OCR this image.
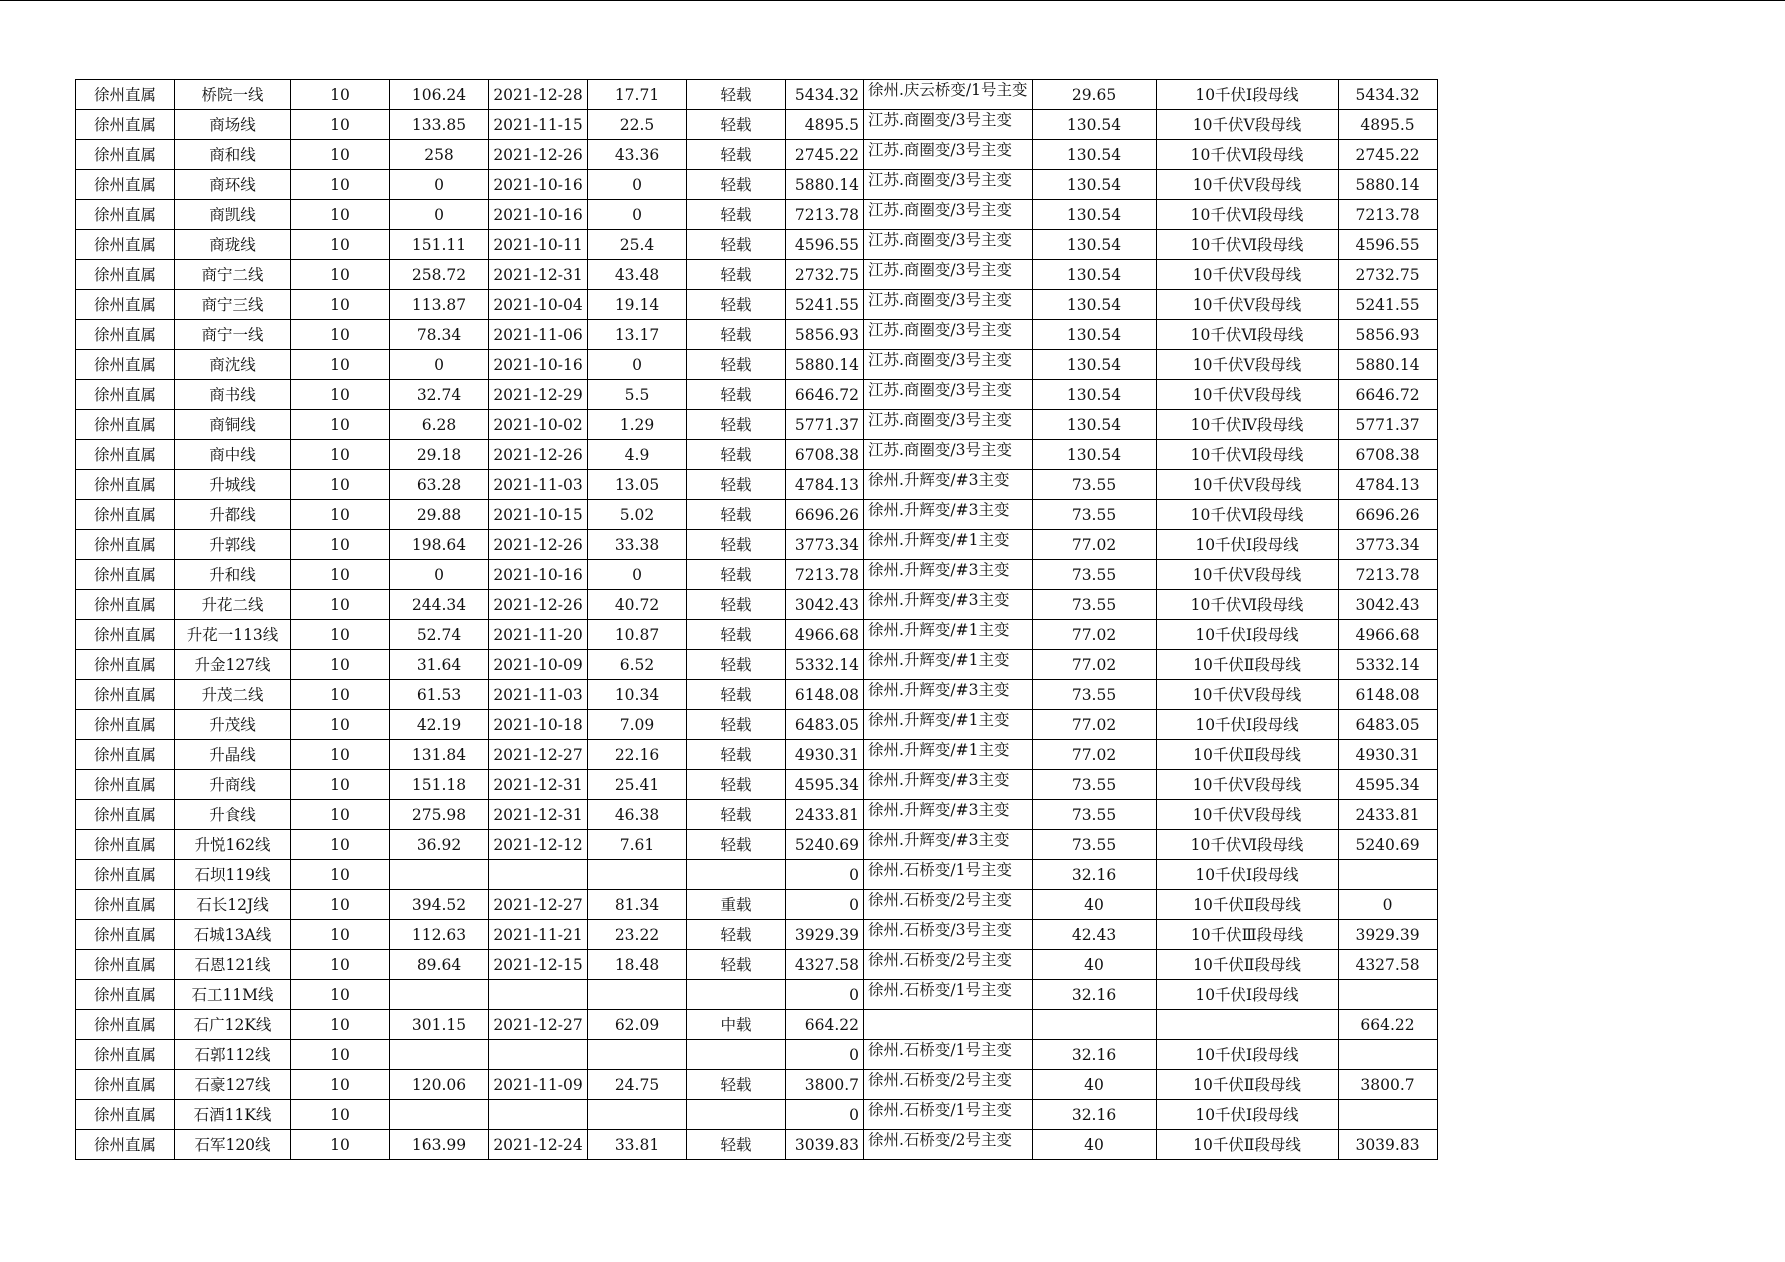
徐州直属	桥院一线	10	106.24	2021-12-28	17.71	轻载	5434.32	徐州.庆云桥变/1号主变	29.65	10千伏Ⅰ段母线	5434.32
徐州直属	商场线	10	133.85	2021-11-15	22.5	轻载	4895.5	江苏.商圈变/3号主变	130.54	10千伏Ⅴ段母线	4895.5
徐州直属	商和线	10	258	2021-12-26	43.36	轻载	2745.22	江苏.商圈变/3号主变	130.54	10千伏Ⅵ段母线	2745.22
徐州直属	商环线	10	0	2021-10-16	0	轻载	5880.14	江苏.商圈变/3号主变	130.54	10千伏Ⅴ段母线	5880.14
徐州直属	商凯线	10	0	2021-10-16	0	轻载	7213.78	江苏.商圈变/3号主变	130.54	10千伏Ⅵ段母线	7213.78
徐州直属	商珑线	10	151.11	2021-10-11	25.4	轻载	4596.55	江苏.商圈变/3号主变	130.54	10千伏Ⅵ段母线	4596.55
徐州直属	商宁二线	10	258.72	2021-12-31	43.48	轻载	2732.75	江苏.商圈变/3号主变	130.54	10千伏Ⅴ段母线	2732.75
徐州直属	商宁三线	10	113.87	2021-10-04	19.14	轻载	5241.55	江苏.商圈变/3号主变	130.54	10千伏Ⅴ段母线	5241.55
徐州直属	商宁一线	10	78.34	2021-11-06	13.17	轻载	5856.93	江苏.商圈变/3号主变	130.54	10千伏Ⅵ段母线	5856.93
徐州直属	商沈线	10	0	2021-10-16	0	轻载	5880.14	江苏.商圈变/3号主变	130.54	10千伏Ⅴ段母线	5880.14
徐州直属	商书线	10	32.74	2021-12-29	5.5	轻载	6646.72	江苏.商圈变/3号主变	130.54	10千伏Ⅴ段母线	6646.72
徐州直属	商铜线	10	6.28	2021-10-02	1.29	轻载	5771.37	江苏.商圈变/3号主变	130.54	10千伏Ⅳ段母线	5771.37
徐州直属	商中线	10	29.18	2021-12-26	4.9	轻载	6708.38	江苏.商圈变/3号主变	130.54	10千伏Ⅵ段母线	6708.38
徐州直属	升城线	10	63.28	2021-11-03	13.05	轻载	4784.13	徐州.升辉变/#3主变	73.55	10千伏Ⅴ段母线	4784.13
徐州直属	升都线	10	29.88	2021-10-15	5.02	轻载	6696.26	徐州.升辉变/#3主变	73.55	10千伏Ⅵ段母线	6696.26
徐州直属	升郭线	10	198.64	2021-12-26	33.38	轻载	3773.34	徐州.升辉变/#1主变	77.02	10千伏Ⅰ段母线	3773.34
徐州直属	升和线	10	0	2021-10-16	0	轻载	7213.78	徐州.升辉变/#3主变	73.55	10千伏Ⅴ段母线	7213.78
徐州直属	升花二线	10	244.34	2021-12-26	40.72	轻载	3042.43	徐州.升辉变/#3主变	73.55	10千伏Ⅵ段母线	3042.43
徐州直属	升花一113线	10	52.74	2021-11-20	10.87	轻载	4966.68	徐州.升辉变/#1主变	77.02	10千伏Ⅰ段母线	4966.68
徐州直属	升金127线	10	31.64	2021-10-09	6.52	轻载	5332.14	徐州.升辉变/#1主变	77.02	10千伏Ⅱ段母线	5332.14
徐州直属	升茂二线	10	61.53	2021-11-03	10.34	轻载	6148.08	徐州.升辉变/#3主变	73.55	10千伏Ⅴ段母线	6148.08
徐州直属	升茂线	10	42.19	2021-10-18	7.09	轻载	6483.05	徐州.升辉变/#1主变	77.02	10千伏Ⅰ段母线	6483.05
徐州直属	升晶线	10	131.84	2021-12-27	22.16	轻载	4930.31	徐州.升辉变/#1主变	77.02	10千伏Ⅱ段母线	4930.31
徐州直属	升商线	10	151.18	2021-12-31	25.41	轻载	4595.34	徐州.升辉变/#3主变	73.55	10千伏Ⅴ段母线	4595.34
徐州直属	升食线	10	275.98	2021-12-31	46.38	轻载	2433.81	徐州.升辉变/#3主变	73.55	10千伏Ⅴ段母线	2433.81
徐州直属	升悦162线	10	36.92	2021-12-12	7.61	轻载	5240.69	徐州.升辉变/#3主变	73.55	10千伏Ⅵ段母线	5240.69
徐州直属	石坝119线	10					0	徐州.石桥变/1号主变	32.16	10千伏Ⅰ段母线	
徐州直属	石长12J线	10	394.52	2021-12-27	81.34	重载	0	徐州.石桥变/2号主变	40	10千伏Ⅱ段母线	0
徐州直属	石城13A线	10	112.63	2021-11-21	23.22	轻载	3929.39	徐州.石桥变/3号主变	42.43	10千伏Ⅲ段母线	3929.39
徐州直属	石恩121线	10	89.64	2021-12-15	18.48	轻载	4327.58	徐州.石桥变/2号主变	40	10千伏Ⅱ段母线	4327.58
徐州直属	石工11M线	10					0	徐州.石桥变/1号主变	32.16	10千伏Ⅰ段母线	
徐州直属	石广12K线	10	301.15	2021-12-27	62.09	中载	664.22				664.22
徐州直属	石郭112线	10					0	徐州.石桥变/1号主变	32.16	10千伏Ⅰ段母线	
徐州直属	石豪127线	10	120.06	2021-11-09	24.75	轻载	3800.7	徐州.石桥变/2号主变	40	10千伏Ⅱ段母线	3800.7
徐州直属	石酒11K线	10					0	徐州.石桥变/1号主变	32.16	10千伏Ⅰ段母线	
徐州直属	石军120线	10	163.99	2021-12-24	33.81	轻载	3039.83	徐州.石桥变/2号主变	40	10千伏Ⅱ段母线	3039.83
